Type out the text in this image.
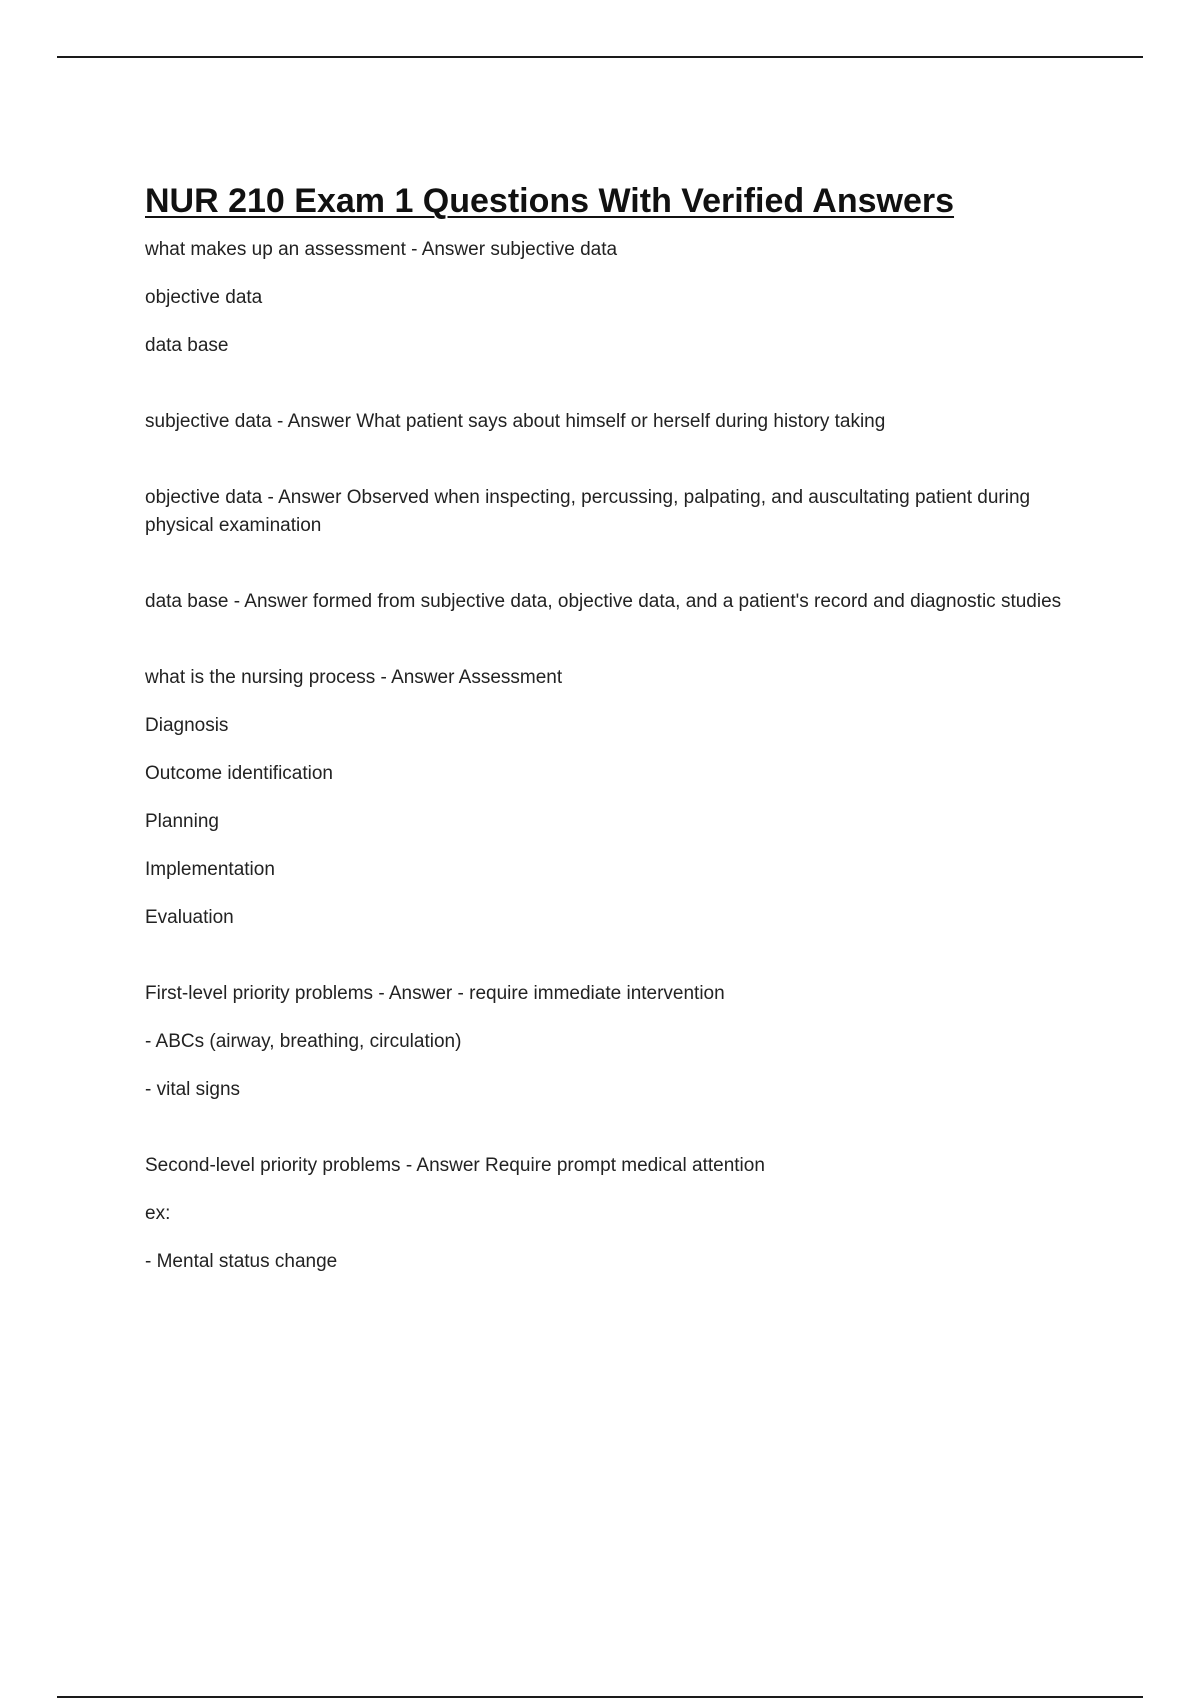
NUR 210 Exam 1 Questions With Verified Answers

what makes up an assessment - Answer subjective data

objective data

data base

subjective data - Answer What patient says about himself or herself during history taking

objective data - Answer Observed when inspecting, percussing, palpating, and auscultating patient during physical examination

data base - Answer formed from subjective data, objective data, and a patient's record and diagnostic studies

what is the nursing process - Answer Assessment

Diagnosis

Outcome identification

Planning

Implementation

Evaluation

First-level priority problems - Answer - require immediate intervention

- ABCs (airway, breathing, circulation)

- vital signs

Second-level priority problems - Answer Require prompt medical attention

ex:

- Mental status change
